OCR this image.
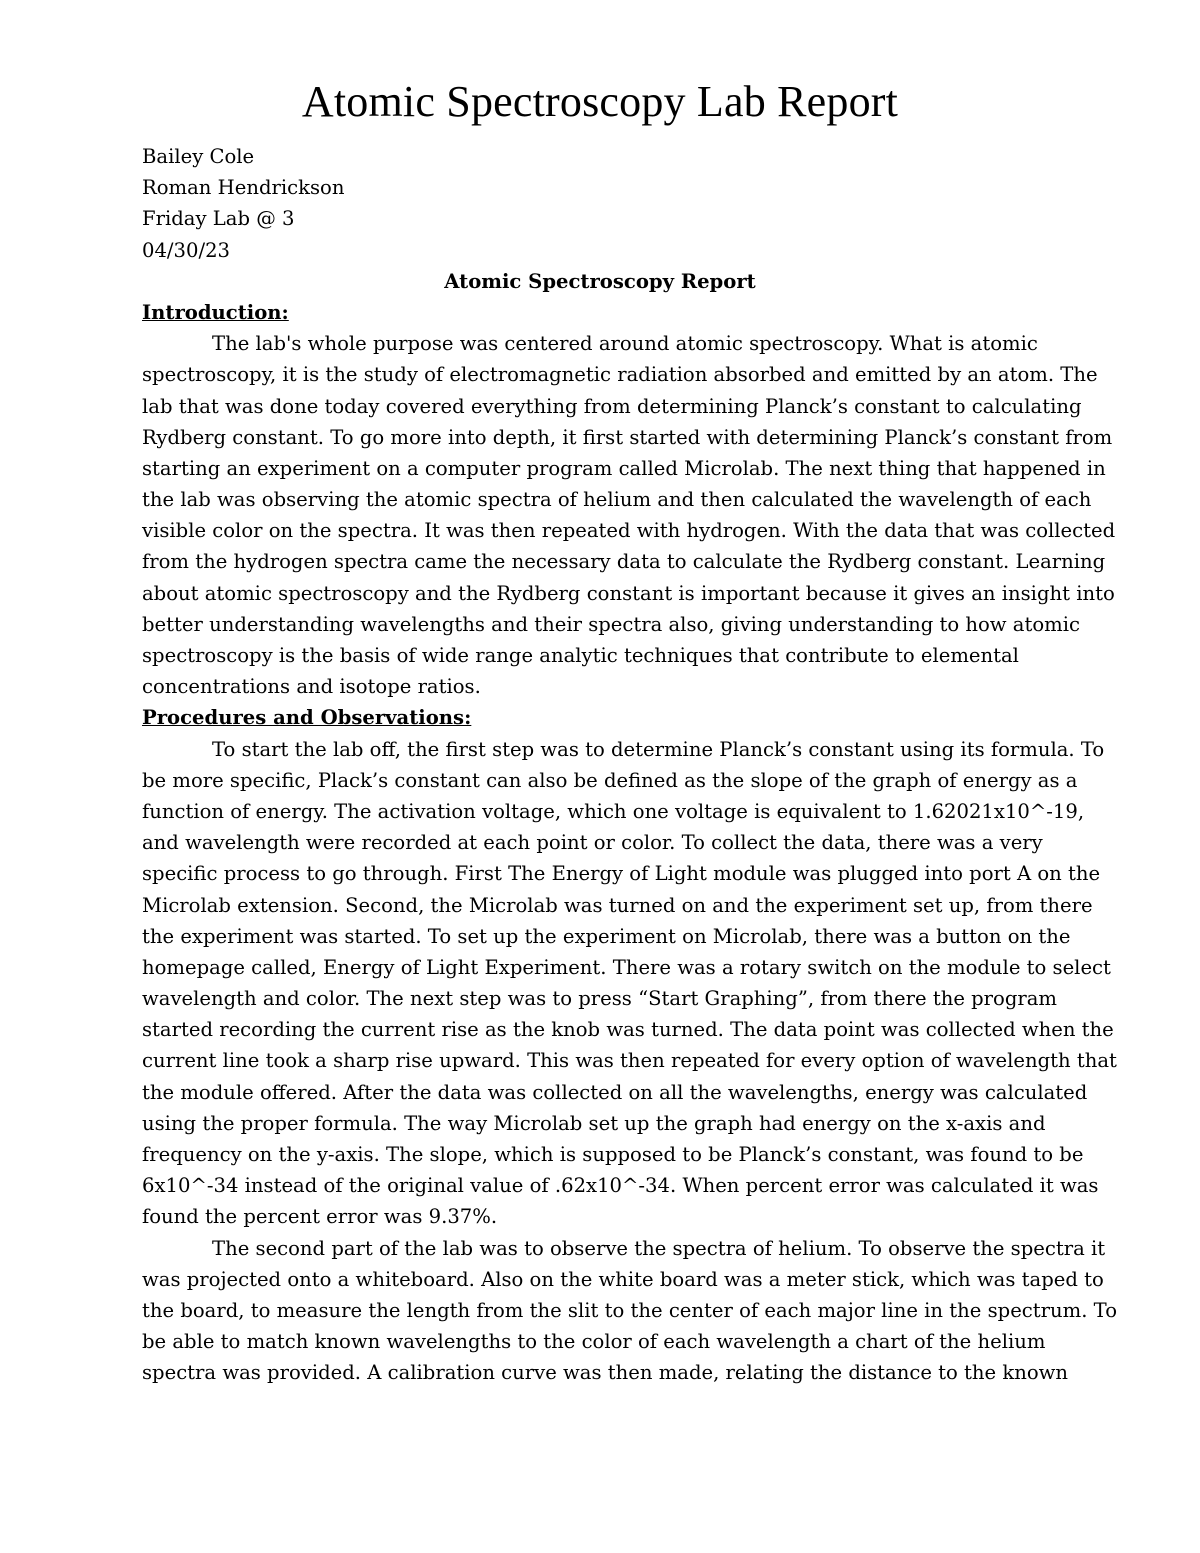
Atomic Spectroscopy Lab Report
Bailey Cole
Roman Hendrickson
Friday Lab @ 3
04/30/23
Atomic Spectroscopy Report
Introduction:
The lab's whole purpose was centered around atomic spectroscopy. What is atomic
spectroscopy, it is the study of electromagnetic radiation absorbed and emitted by an atom. The
lab that was done today covered everything from determining Planck’s constant to calculating
Rydberg constant. To go more into depth, it first started with determining Planck’s constant from
starting an experiment on a computer program called Microlab. The next thing that happened in
the lab was observing the atomic spectra of helium and then calculated the wavelength of each
visible color on the spectra. It was then repeated with hydrogen. With the data that was collected
from the hydrogen spectra came the necessary data to calculate the Rydberg constant. Learning
about atomic spectroscopy and the Rydberg constant is important because it gives an insight into
better understanding wavelengths and their spectra also, giving understanding to how atomic
spectroscopy is the basis of wide range analytic techniques that contribute to elemental
concentrations and isotope ratios.
Procedures and Observations:
To start the lab off, the first step was to determine Planck’s constant using its formula. To
be more specific, Plack’s constant can also be defined as the slope of the graph of energy as a
function of energy. The activation voltage, which one voltage is equivalent to 1.62021x10^-19,
and wavelength were recorded at each point or color. To collect the data, there was a very
specific process to go through. First The Energy of Light module was plugged into port A on the
Microlab extension. Second, the Microlab was turned on and the experiment set up, from there
the experiment was started. To set up the experiment on Microlab, there was a button on the
homepage called, Energy of Light Experiment. There was a rotary switch on the module to select
wavelength and color. The next step was to press “Start Graphing”, from there the program
started recording the current rise as the knob was turned. The data point was collected when the
current line took a sharp rise upward. This was then repeated for every option of wavelength that
the module offered. After the data was collected on all the wavelengths, energy was calculated
using the proper formula. The way Microlab set up the graph had energy on the x-axis and
frequency on the y-axis. The slope, which is supposed to be Planck’s constant, was found to be
6x10^-34 instead of the original value of .62x10^-34. When percent error was calculated it was
found the percent error was 9.37%.
The second part of the lab was to observe the spectra of helium. To observe the spectra it
was projected onto a whiteboard. Also on the white board was a meter stick, which was taped to
the board, to measure the length from the slit to the center of each major line in the spectrum. To
be able to match known wavelengths to the color of each wavelength a chart of the helium
spectra was provided. A calibration curve was then made, relating the distance to the known
